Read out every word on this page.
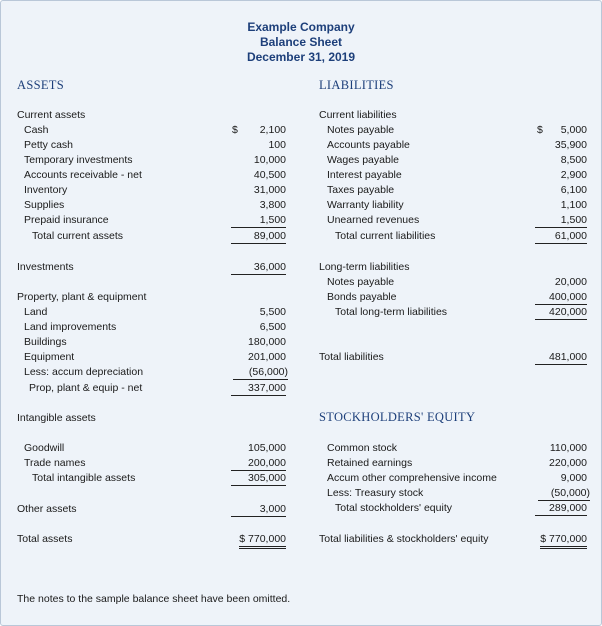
Example Company
Balance Sheet
December 31, 2019
ASSETS	LIABILITIES
Current assets
Cash	$ 2,100
Petty cash	100
Temporary investments	10,000
Accounts receivable - net	40,500
Inventory	31,000
Supplies	3,800
Prepaid insurance	1,500
Total current assets	89,000
Investments	36,000
Property, plant & equipment
Land	5,500
Land improvements	6,500
Buildings	180,000
Equipment	201,000
Less: accum depreciation	(56,000)
Prop, plant & equip - net	337,000
Intangible assets
Goodwill	105,000
Trade names	200,000
Total intangible assets	305,000
Other assets	3,000
Total assets	$ 770,000
Current liabilities
Notes payable	$ 5,000
Accounts payable	35,900
Wages payable	8,500
Interest payable	2,900
Taxes payable	6,100
Warranty liability	1,100
Unearned revenues	1,500
Total current liabilities	61,000
Long-term liabilities
Notes payable	20,000
Bonds payable	400,000
Total long-term liabilities	420,000
Total liabilities	481,000
STOCKHOLDERS' EQUITY
Common stock	110,000
Retained earnings	220,000
Accum other comprehensive income	9,000
Less: Treasury stock	(50,000)
Total stockholders' equity	289,000
Total liabilities & stockholders' equity	$ 770,000
The notes to the sample balance sheet have been omitted.
